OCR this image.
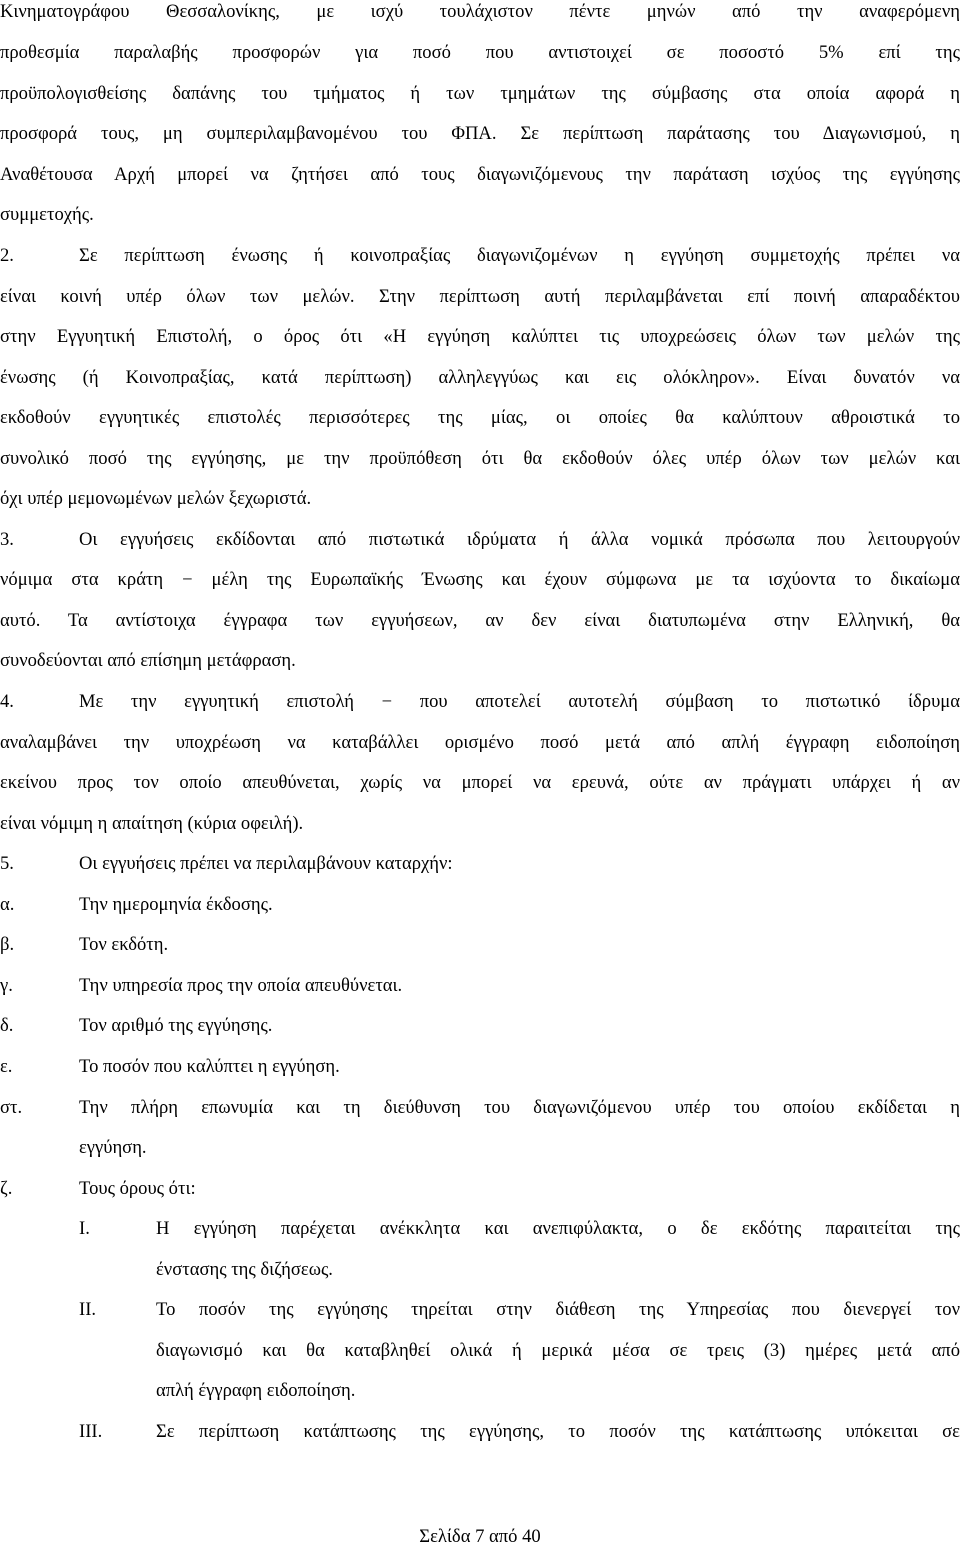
Κινηματογράφου Θεσσαλονίκης, με ισχύ τουλάχιστον πέντε μηνών από την αναφερόμενη
προθεσμία παραλαβής προσφορών για ποσό που αντιστοιχεί σε ποσοστό 5% επί της
προϋπολογισθείσης δαπάνης του τμήματος ή των τμημάτων της σύμβασης στα οποία αφορά η
προσφορά τους, μη συμπεριλαμβανομένου του ΦΠΑ. Σε περίπτωση παράτασης του Διαγωνισμού, η
Αναθέτουσα Αρχή μπορεί να ζητήσει από τους διαγωνιζόμενους την παράταση ισχύος της εγγύησης
συμμετοχής.
2.	Σε περίπτωση ένωσης ή κοινοπραξίας διαγωνιζομένων η εγγύηση συμμετοχής πρέπει να
είναι κοινή υπέρ όλων των μελών. Στην περίπτωση αυτή περιλαμβάνεται επί ποινή απαραδέκτου
στην Εγγυητική Επιστολή, ο όρος ότι «Η εγγύηση καλύπτει τις υποχρεώσεις όλων των μελών της
ένωσης (ή Κοινοπραξίας, κατά περίπτωση) αλληλεγγύως και εις ολόκληρον». Είναι δυνατόν να
εκδοθούν εγγυητικές επιστολές περισσότερες της μίας, οι οποίες θα καλύπτουν αθροιστικά το
συνολικό ποσό της εγγύησης, με την προϋπόθεση ότι θα εκδοθούν όλες υπέρ όλων των μελών και
όχι υπέρ μεμονωμένων μελών ξεχωριστά.
3.	Οι εγγυήσεις εκδίδονται από πιστωτικά ιδρύματα ή άλλα νομικά πρόσωπα που λειτουργούν
νόμιμα στα κράτη − μέλη της Ευρωπαϊκής Ένωσης και έχουν σύμφωνα με τα ισχύοντα το δικαίωμα
αυτό. Τα αντίστοιχα έγγραφα των εγγυήσεων, αν δεν είναι διατυπωμένα στην Ελληνική, θα
συνοδεύονται από επίσημη μετάφραση.
4.	Με την εγγυητική επιστολή − που αποτελεί αυτοτελή σύμβαση το πιστωτικό ίδρυμα
αναλαμβάνει την υποχρέωση να καταβάλλει ορισμένο ποσό μετά από απλή έγγραφη ειδοποίηση
εκείνου προς τον οποίο απευθύνεται, χωρίς να μπορεί να ερευνά, ούτε αν πράγματι υπάρχει ή αν
είναι νόμιμη η απαίτηση (κύρια οφειλή).
5.	Οι εγγυήσεις πρέπει να περιλαμβάνουν καταρχήν:
α.	Την ημερομηνία έκδοσης.
β.	Τον εκδότη.
γ.	Την υπηρεσία προς την οποία απευθύνεται.
δ.	Τον αριθμό της εγγύησης.
ε.	Το ποσόν που καλύπτει η εγγύηση.
στ.	Την πλήρη επωνυμία και τη διεύθυνση του διαγωνιζόμενου υπέρ του οποίου εκδίδεται η
εγγύηση.
ζ.	Τους όρους ότι:
I.	Η εγγύηση παρέχεται ανέκκλητα και ανεπιφύλακτα, ο δε εκδότης παραιτείται της
ένστασης της διζήσεως.
II.	Το ποσόν της εγγύησης τηρείται στην διάθεση της Υπηρεσίας που διενεργεί τον
διαγωνισμό και θα καταβληθεί ολικά ή μερικά μέσα σε τρεις (3) ημέρες μετά από
απλή έγγραφη ειδοποίηση.
III.	Σε περίπτωση κατάπτωσης της εγγύησης, το ποσόν της κατάπτωσης υπόκειται σε
Σελίδα 7 από 40
